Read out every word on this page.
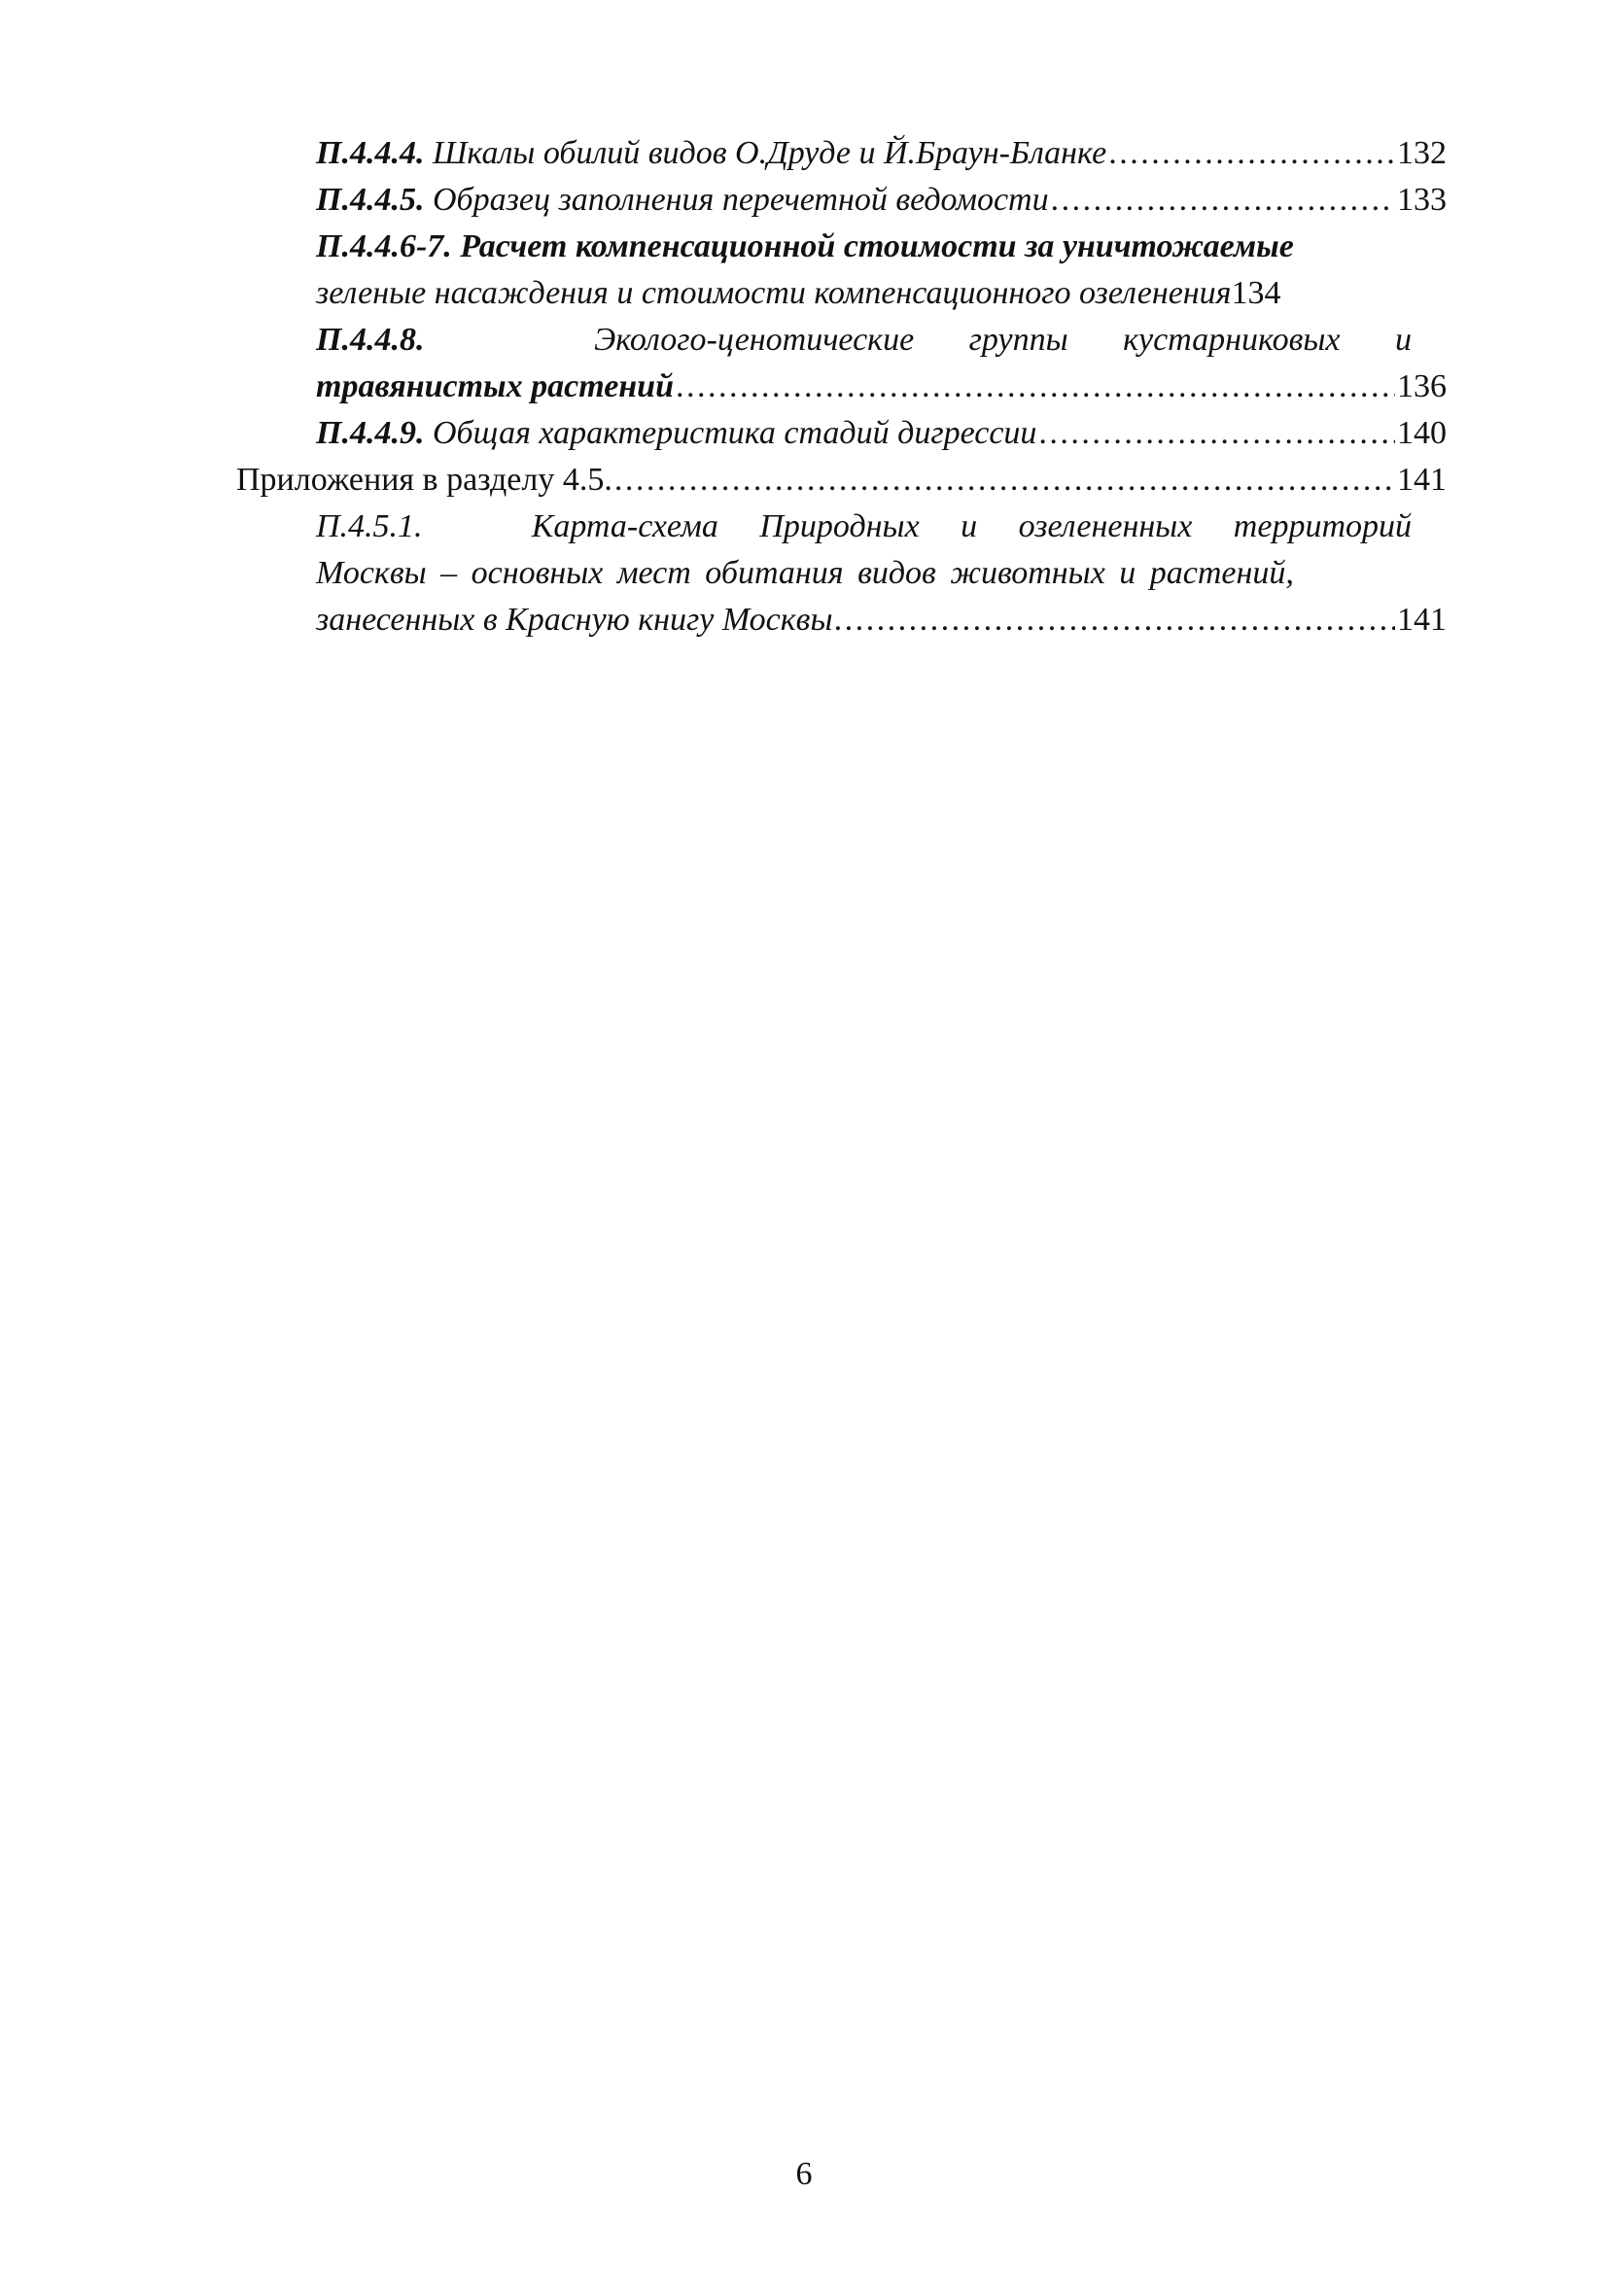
П.4.4.4. Шкалы обилий видов О.Друде и Й.Браун-Бланке . . .	132
П.4.4.5. Образец заполнения перечетной ведомости . . .	133
П.4.4.6-7. Расчет компенсационной стоимости за уничтожаемые
зеленые насаждения и стоимости компенсационного озеленения 134
П.4.4.8.	Эколого-ценотические группы кустарниковых и
травянистых растений . . .	136
П.4.4.9. Общая характеристика стадий дигрессии . . .	140
Приложения в разделу 4.5. . . .	141
П.4.5.1.	Карта-схема Природных и озелененных территорий
Москвы – основных мест обитания видов животных и растений,
занесенных в Красную книгу Москвы . . .	141
6
